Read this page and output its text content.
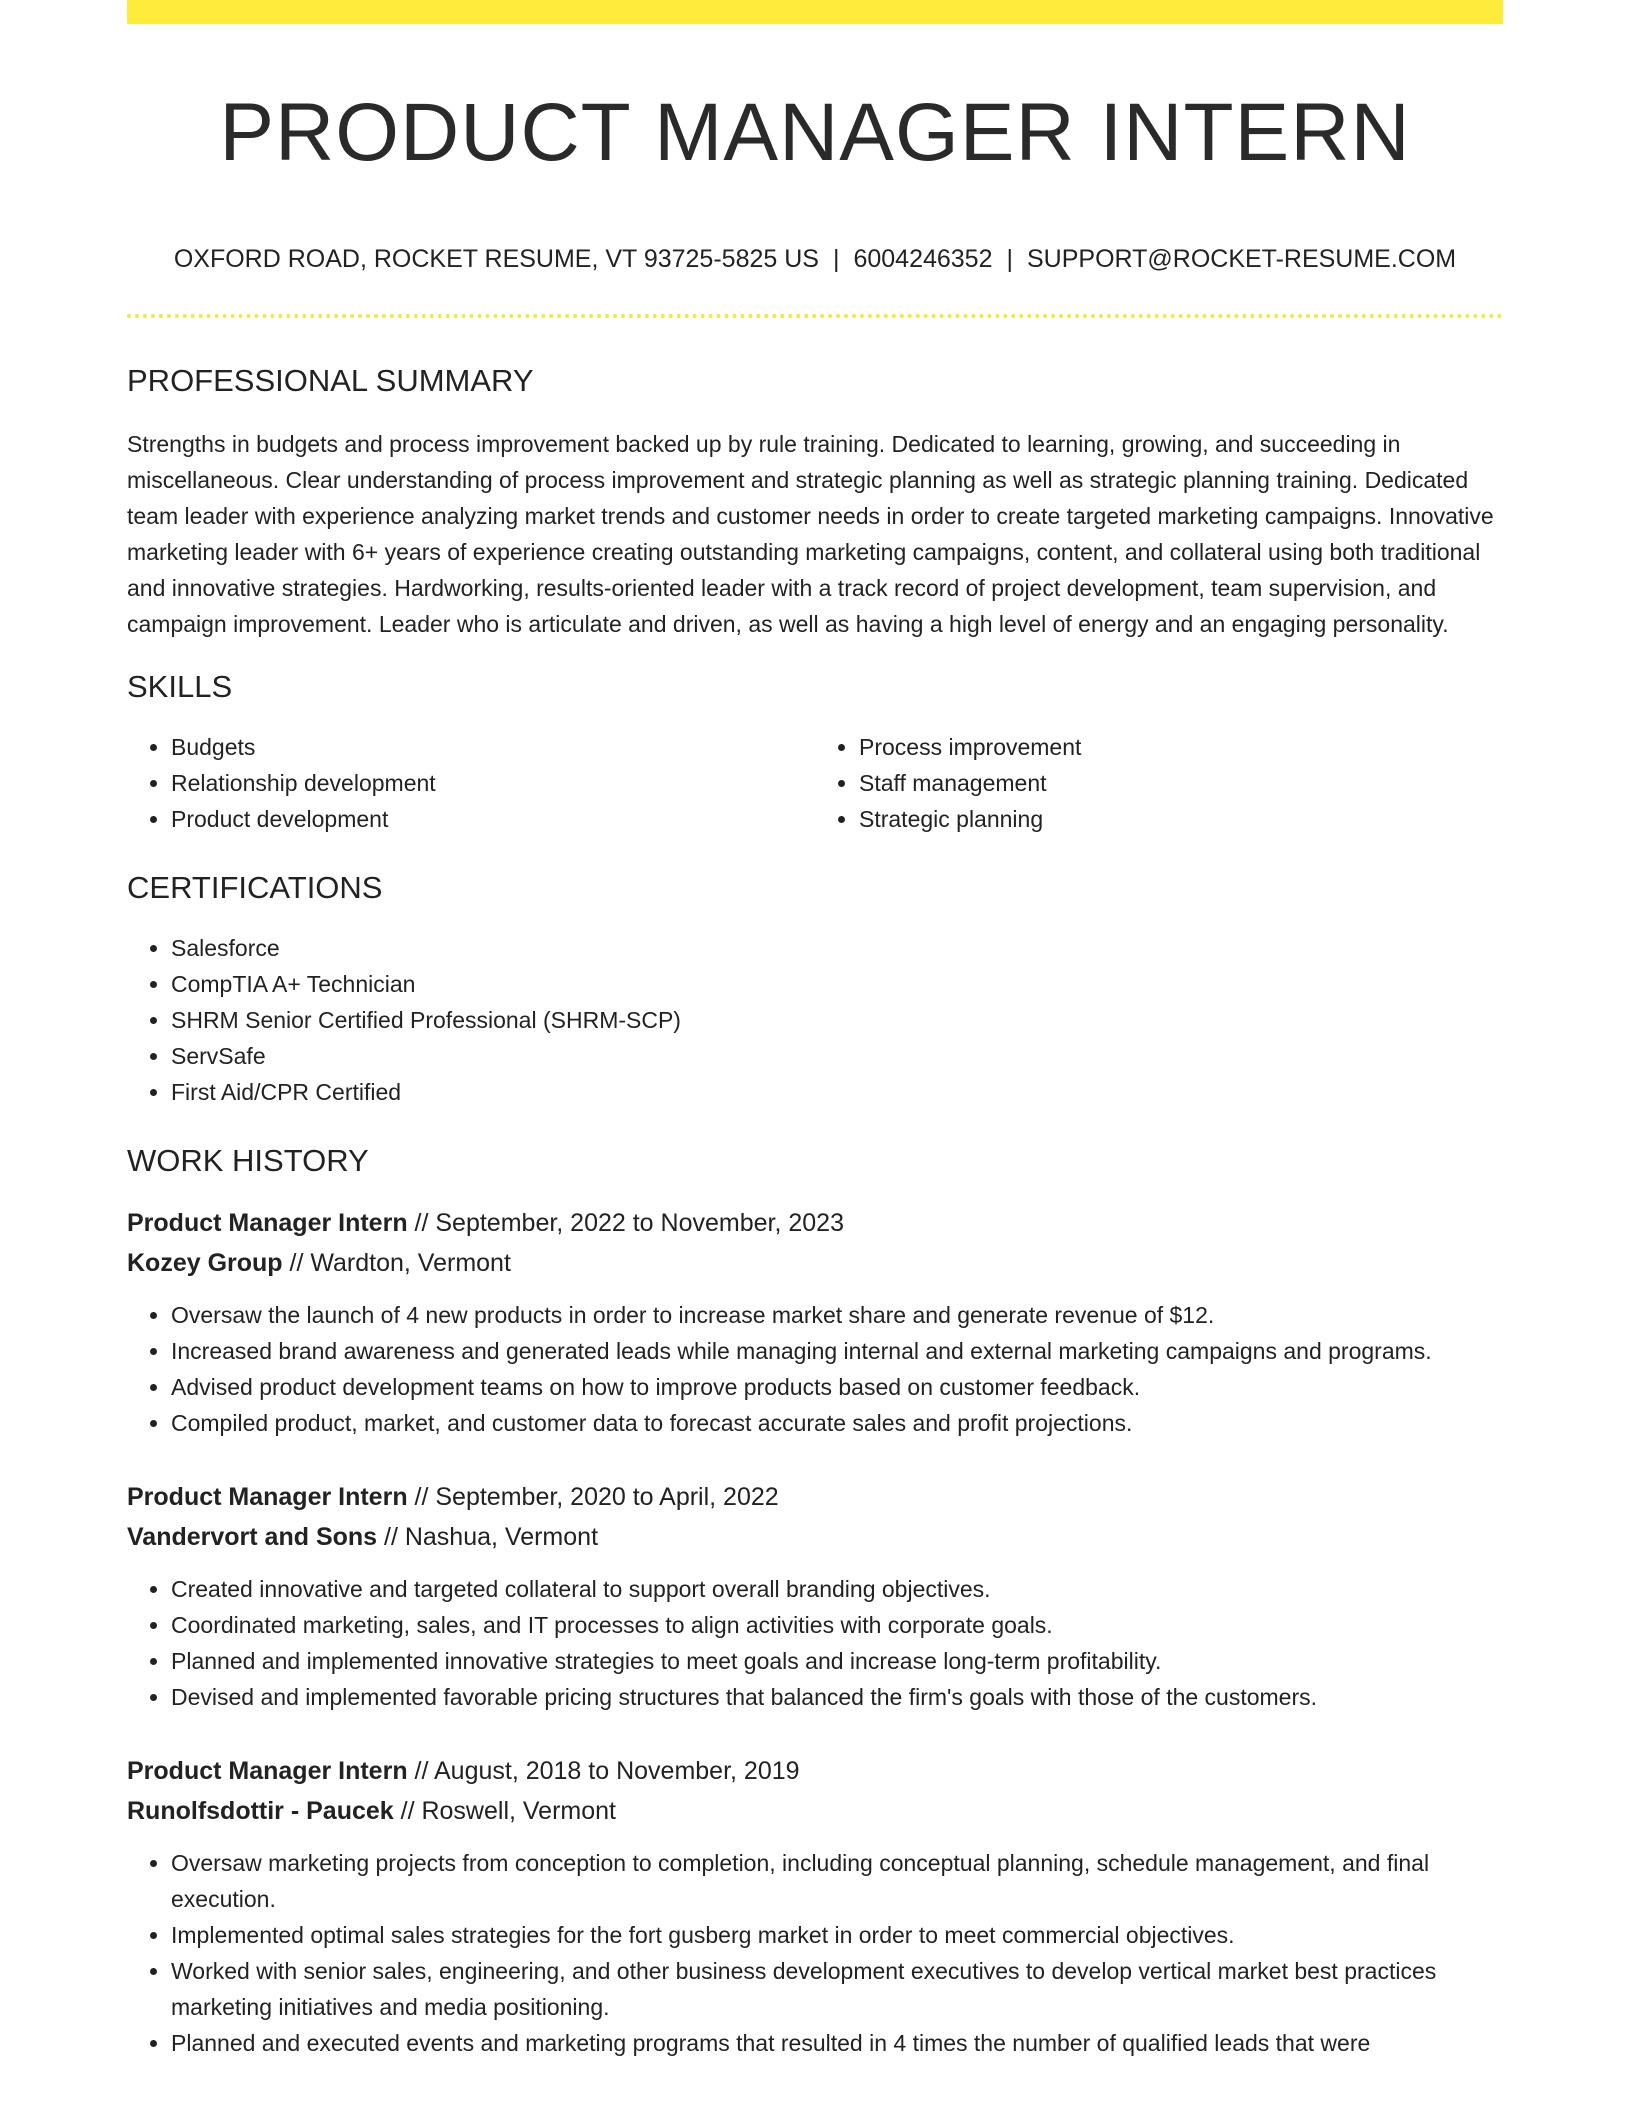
PRODUCT MANAGER INTERN
OXFORD ROAD, ROCKET RESUME, VT 93725-5825 US | 6004246352 | SUPPORT@ROCKET-RESUME.COM
PROFESSIONAL SUMMARY

Strengths in budgets and process improvement backed up by rule training. Dedicated to learning, growing, and succeeding in miscellaneous. Clear understanding of process improvement and strategic planning as well as strategic planning training. Dedicated team leader with experience analyzing market trends and customer needs in order to create targeted marketing campaigns. Innovative marketing leader with 6+ years of experience creating outstanding marketing campaigns, content, and collateral using both traditional and innovative strategies. Hardworking, results-oriented leader with a track record of project development, team supervision, and campaign improvement. Leader who is articulate and driven, as well as having a high level of energy and an engaging personality.

SKILLS
• Budgets
• Relationship development
• Product development
• Process improvement
• Staff management
• Strategic planning
CERTIFICATIONS
• Salesforce
• CompTIA A+ Technician
• SHRM Senior Certified Professional (SHRM-SCP)
• ServSafe
• First Aid/CPR Certified
WORK HISTORY
Product Manager Intern // September, 2022 to November, 2023
Kozey Group // Wardton, Vermont
• Oversaw the launch of 4 new products in order to increase market share and generate revenue of $12.
• Increased brand awareness and generated leads while managing internal and external marketing campaigns and programs.
• Advised product development teams on how to improve products based on customer feedback.
• Compiled product, market, and customer data to forecast accurate sales and profit projections.
Product Manager Intern // September, 2020 to April, 2022
Vandervort and Sons // Nashua, Vermont
• Created innovative and targeted collateral to support overall branding objectives.
• Coordinated marketing, sales, and IT processes to align activities with corporate goals.
• Planned and implemented innovative strategies to meet goals and increase long-term profitability.
• Devised and implemented favorable pricing structures that balanced the firm's goals with those of the customers.
Product Manager Intern // August, 2018 to November, 2019
Runolfsdottir - Paucek // Roswell, Vermont
• Oversaw marketing projects from conception to completion, including conceptual planning, schedule management, and final execution.
• Implemented optimal sales strategies for the fort gusberg market in order to meet commercial objectives.
• Worked with senior sales, engineering, and other business development executives to develop vertical market best practices marketing initiatives and media positioning.
• Planned and executed events and marketing programs that resulted in 4 times the number of qualified leads that were
